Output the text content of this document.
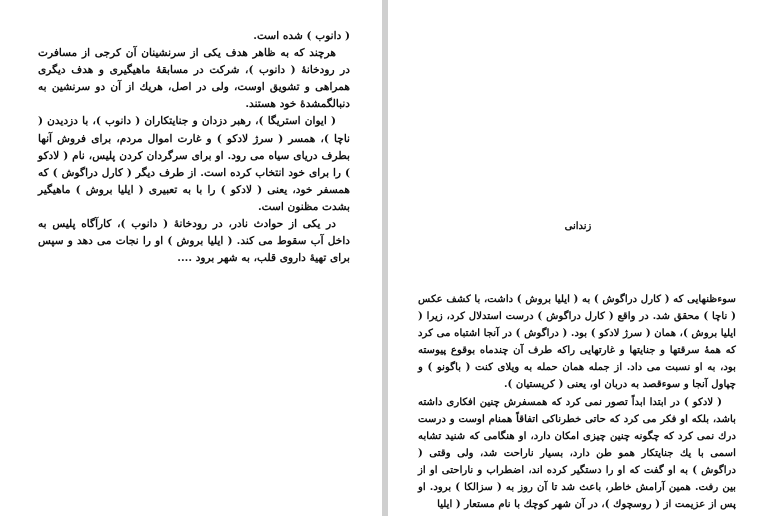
( دانوب ) شده است.

هرچند که به ظاهر هدف یکی از سرنشینان آن کرجی از مسافرت در رودخانهٔ ( دانوب )، شرکت در مسابقهٔ ماهیگیری و هدف دیگری همراهی و تشویق اوست، ولی در اصل، هریك از آن دو سرنشین به دنبالگمشدهٔ خود هستند.

( ایوان استریگا )، رهبر دزدان و جنایتکاران ( دانوب )، با دزدیدن ( ناچا )، همسر ( سرژ لادکو ) و غارت اموال مردم، برای فروش آنها بطرف دریای سیاه می رود. او برای سرگردان کردن پلیس، نام ( لادکو ) را برای خود انتخاب کرده است. از طرف دیگر ( کارل دراگوش ) که همسفر خود، یعنی ( لادکو ) را با به تعبیری ( ایلیا بروش ) ماهیگیر بشدت مظنون است.

در یکی از حوادث نادر، در رودخانهٔ ( دانوب )، کارآگاه پلیس به داخل آب سقوط می کند. ( ایلیا بروش ) او را نجات می دهد و سپس برای تهیهٔ داروی قلب، به شهر برود ....

زندانی

سوءظنهایی که ( کارل دراگوش ) به ( ایلیا بروش ) داشت، با کشف عکس ( ناچا ) محقق شد. در واقع ( کارل دراگوش ) درست استدلال کرد، زیرا ( ایلیا بروش )، همان ( سرژ لادکو ) بود. ( دراگوش ) در آنجا اشتباه می کرد که همهٔ سرقتها و جنایتها و غارتهایی راکه طرف آن چندماه بوقوع پیوسته بود، به او نسبت می داد. از جمله همان حمله به ویلای کنت ( باگونو ) و چپاول آنجا و سوءقصد به دربان او، یعنی ( کریستیان ).

( لادکو ) در ابتدا ابداً تصور نمی کرد که همسفرش چنین افکاری داشته باشد، بلکه او فکر می کرد که حاتی خطرناکی اتفاقاً همنام اوست و درست درك نمی کرد که چگونه چنین چیزی امکان دارد، او هنگامی که شنید تشابه اسمی با یك جنایتکار همو طن دارد، بسیار ناراحت شد، ولی وقتی ( دراگوش ) به او گفت که او را دستگیر کرده اند، اضطراب و ناراحتی او از بین رفت. همین آرامش خاطر، باعث شد تا آن روز به ( سزالکا ) برود. او پس از عزیمت از ( روسچوك )، در آن شهر کوچك با نام مستعار ( ایلیا
